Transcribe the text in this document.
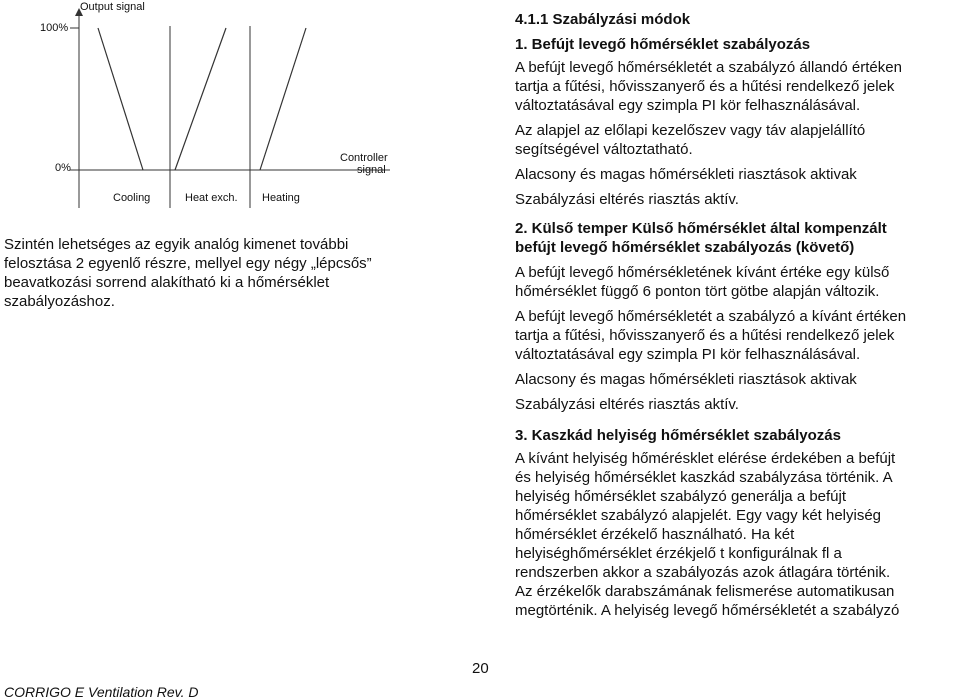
Output signal
100%
0%
Controller
signal
Cooling	Heat exch. Heating
Szintén lehetséges az egyik analóg kimenet további
felosztása 2 egyenlő részre, mellyel egy négy „lépcsős”
beavatkozási sorrend alakítható ki a hőmérséklet
szabályozáshoz.
4.1.1 Szabályzási módok
1. Befújt levegő hőmérséklet szabályozás
A befújt levegő hőmérsékletét a szabályzó állandó értéken
tartja a fűtési, hővisszanyerő és a hűtési rendelkező jelek
változtatásával egy szimpla PI kör felhasználásával.
Az alapjel az előlapi kezelőszev vagy táv alapjelállító
segítségével változtatható.
Alacsony és magas hőmérsékleti riasztások aktivak
Szabályzási eltérés riasztás aktív.
2. Külső temper Külső hőmérséklet által kompenzált
befújt levegő hőmérséklet szabályozás (követő)
A befújt levegő hőmérsékletének kívánt értéke egy külső
hőmérséklet függő 6 ponton tört götbe alapján változik.
A befújt levegő hőmérsékletét a szabályzó a kívánt értéken
tartja a fűtési, hővisszanyerő és a hűtési rendelkező jelek
változtatásával egy szimpla PI kör felhasználásával.
Alacsony és magas hőmérsékleti riasztások aktivak
Szabályzási eltérés riasztás aktív.
3. Kaszkád helyiség hőmérséklet szabályozás
A kívánt helyiség hőmérésklet elérése érdekében a befújt
és helyiség hőmérséklet kaszkád szabályzása történik. A
helyiség hőmérséklet szabályzó generálja a befújt
hőmérséklet szabályzó alapjelét. Egy vagy két helyiség
hőmérséklet érzékelő használható. Ha két
helyiséghőmérséklet érzékjelő t konfigurálnak fl a
rendszerben akkor a szabályozás azok átlagára történik.
Az érzékelők darabszámának felismerése automatikusan
megtörténik. A helyiség levegő hőmérsékletét a szabályzó
20
CORRIGO E Ventilation Rev. D
